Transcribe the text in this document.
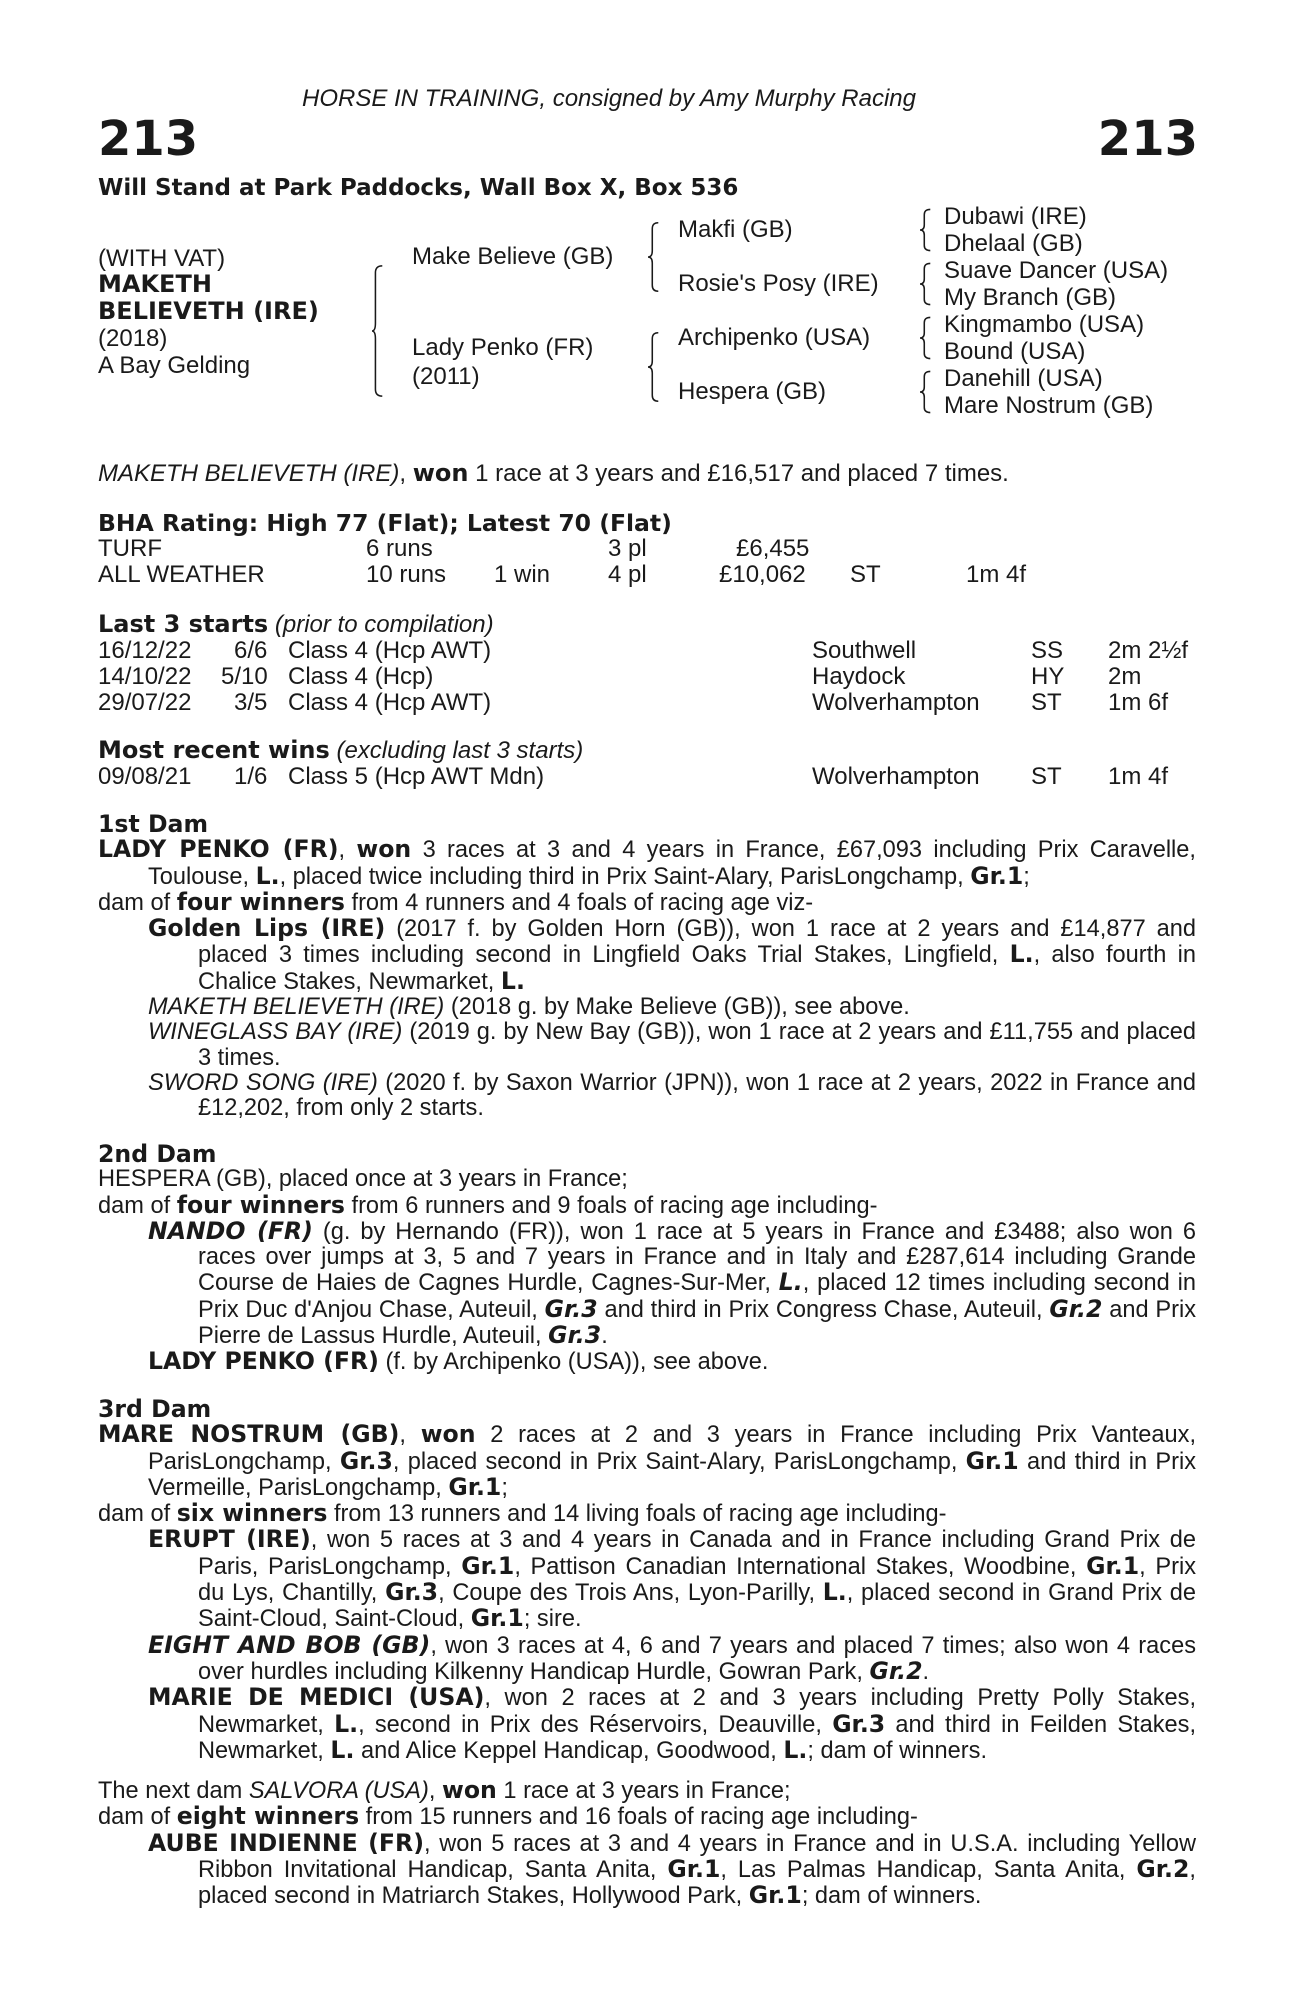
HORSE IN TRAINING, consigned by Amy Murphy Racing
213	213
Will Stand at Park Paddocks, Wall Box X, Box 536
(WITH VAT)
MAKETH
BELIEVETH (IRE)
(2018)
A Bay Gelding
Make Believe (GB)
Lady Penko (FR)
(2011)
Makfi (GB)
Rosie's Posy (IRE)
Archipenko (USA)
Hespera (GB)
Dubawi (IRE)
Dhelaal (GB)
Suave Dancer (USA)
My Branch (GB)
Kingmambo (USA)
Bound (USA)
Danehill (USA)
Mare Nostrum (GB)
MAKETH BELIEVETH (IRE), won 1 race at 3 years and £16,517 and placed 7 times.
BHA Rating: High 77 (Flat); Latest 70 (Flat)
TURF	6 runs	3 pl	£6,455
ALL WEATHER	10 runs 1 win 4 pl	£10,062 ST	1m 4f
Last 3 starts (prior to compilation)
16/12/22 6/6 Class 4 (Hcp AWT)	Southwell	SS 2m 2½f
14/10/22 5/10 Class 4 (Hcp)	Haydock	HY 2m
29/07/22 3/5 Class 4 (Hcp AWT)	Wolverhampton ST 1m 6f
Most recent wins (excluding last 3 starts)
09/08/21 1/6 Class 5 (Hcp AWT Mdn)	Wolverhampton ST 1m 4f

1st Dam

LADY PENKO (FR), won 3 races at 3 and 4 years in France, £67,093 including Prix Caravelle, Toulouse, L., placed twice including third in Prix Saint-Alary, ParisLongchamp, Gr.1;

dam of four winners from 4 runners and 4 foals of racing age viz-

Golden Lips (IRE) (2017 f. by Golden Horn (GB)), won 1 race at 2 years and £14,877 and placed 3 times including second in Lingfield Oaks Trial Stakes, Lingfield, L., also fourth in Chalice Stakes, Newmarket, L.

MAKETH BELIEVETH (IRE) (2018 g. by Make Believe (GB)), see above.

WINEGLASS BAY (IRE) (2019 g. by New Bay (GB)), won 1 race at 2 years and £11,755 and placed 3 times.

SWORD SONG (IRE) (2020 f. by Saxon Warrior (JPN)), won 1 race at 2 years, 2022 in France and £12,202, from only 2 starts.

2nd Dam

HESPERA (GB), placed once at 3 years in France;

dam of four winners from 6 runners and 9 foals of racing age including-

NANDO (FR) (g. by Hernando (FR)), won 1 race at 5 years in France and £3488; also won 6 races over jumps at 3, 5 and 7 years in France and in Italy and £287,614 including Grande Course de Haies de Cagnes Hurdle, Cagnes-Sur-Mer, L., placed 12 times including second in Prix Duc d'Anjou Chase, Auteuil, Gr.3 and third in Prix Congress Chase, Auteuil, Gr.2 and Prix Pierre de Lassus Hurdle, Auteuil, Gr.3.

LADY PENKO (FR) (f. by Archipenko (USA)), see above.

3rd Dam

MARE NOSTRUM (GB), won 2 races at 2 and 3 years in France including Prix Vanteaux, ParisLongchamp, Gr.3, placed second in Prix Saint-Alary, ParisLongchamp, Gr.1 and third in Prix Vermeille, ParisLongchamp, Gr.1;

dam of six winners from 13 runners and 14 living foals of racing age including-

ERUPT (IRE), won 5 races at 3 and 4 years in Canada and in France including Grand Prix de Paris, ParisLongchamp, Gr.1, Pattison Canadian International Stakes, Woodbine, Gr.1, Prix du Lys, Chantilly, Gr.3, Coupe des Trois Ans, Lyon-Parilly, L., placed second in Grand Prix de Saint-Cloud, Saint-Cloud, Gr.1; sire.

EIGHT AND BOB (GB), won 3 races at 4, 6 and 7 years and placed 7 times; also won 4 races over hurdles including Kilkenny Handicap Hurdle, Gowran Park, Gr.2.

MARIE DE MEDICI (USA), won 2 races at 2 and 3 years including Pretty Polly Stakes, Newmarket, L., second in Prix des Réservoirs, Deauville, Gr.3 and third in Feilden Stakes, Newmarket, L. and Alice Keppel Handicap, Goodwood, L.; dam of winners.

The next dam SALVORA (USA), won 1 race at 3 years in France;

dam of eight winners from 15 runners and 16 foals of racing age including-

AUBE INDIENNE (FR), won 5 races at 3 and 4 years in France and in U.S.A. including Yellow Ribbon Invitational Handicap, Santa Anita, Gr.1, Las Palmas Handicap, Santa Anita, Gr.2, placed second in Matriarch Stakes, Hollywood Park, Gr.1; dam of winners.
